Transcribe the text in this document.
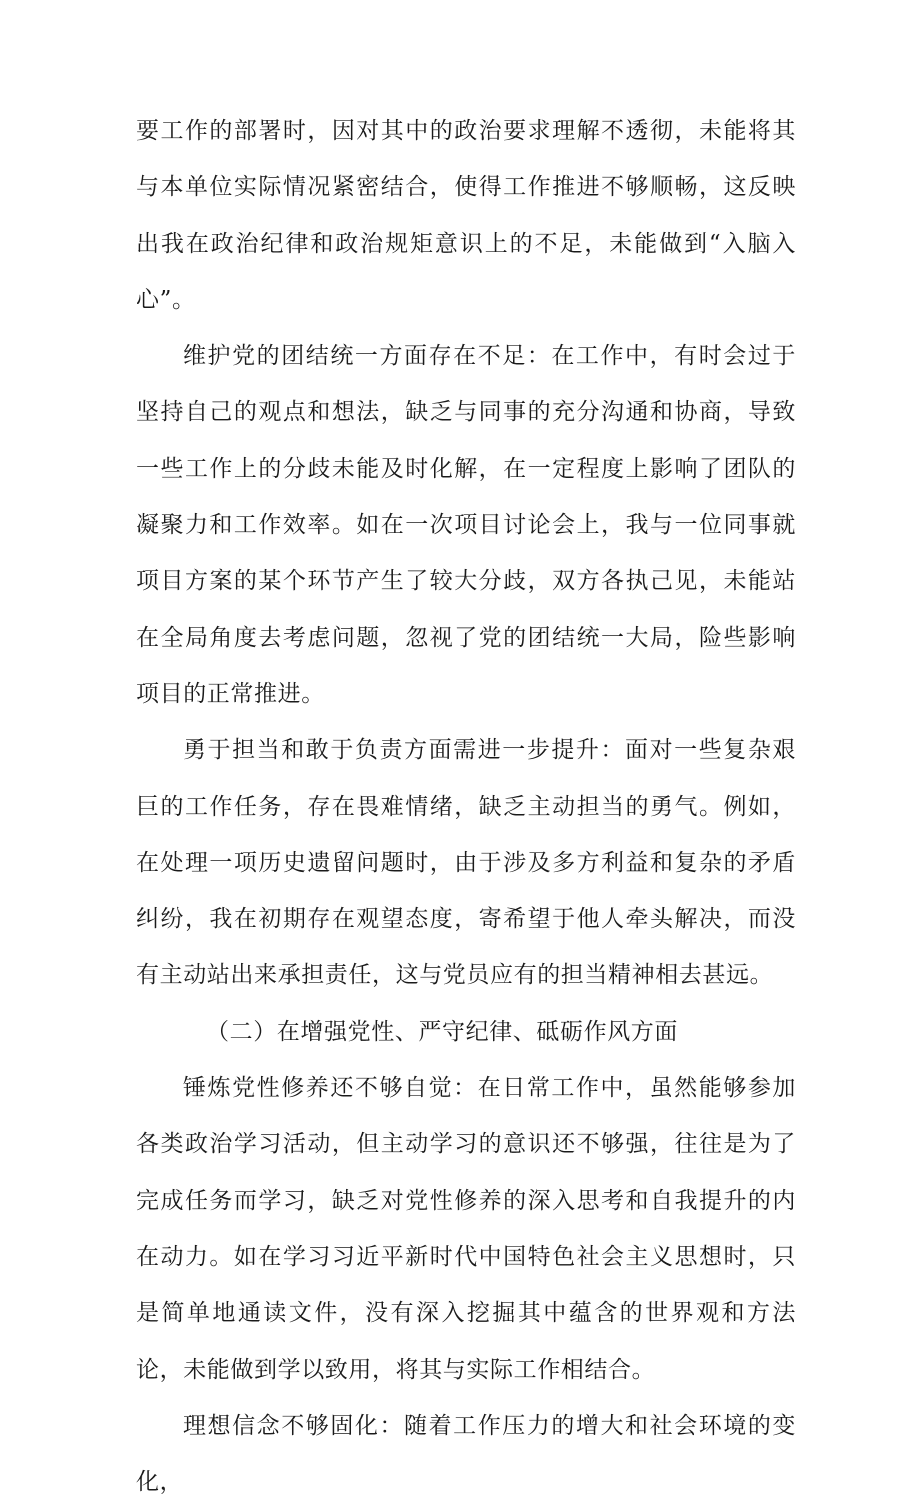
要工作的部署时，因对其中的政治要求理解不透彻，未能将其与本单位实际情况紧密结合，使得工作推进不够顺畅，这反映出我在政治纪律和政治规矩意识上的不足，未能做到“入脑入心”。

维护党的团结统一方面存在不足：在工作中，有时会过于坚持自己的观点和想法，缺乏与同事的充分沟通和协商，导致一些工作上的分歧未能及时化解，在一定程度上影响了团队的凝聚力和工作效率。如在一次项目讨论会上，我与一位同事就项目方案的某个环节产生了较大分歧，双方各执己见，未能站在全局角度去考虑问题，忽视了党的团结统一大局，险些影响项目的正常推进。

勇于担当和敢于负责方面需进一步提升：面对一些复杂艰巨的工作任务，存在畏难情绪，缺乏主动担当的勇气。例如，在处理一项历史遗留问题时，由于涉及多方利益和复杂的矛盾纠纷，我在初期存在观望态度，寄希望于他人牵头解决，而没有主动站出来承担责任，这与党员应有的担当精神相去甚远。

（二）在增强党性、严守纪律、砥砺作风方面

锤炼党性修养还不够自觉：在日常工作中，虽然能够参加各类政治学习活动，但主动学习的意识还不够强，往往是为了完成任务而学习，缺乏对党性修养的深入思考和自我提升的内在动力。如在学习习近平新时代中国特色社会主义思想时，只是简单地通读文件，没有深入挖掘其中蕴含的世界观和方法论，未能做到学以致用，将其与实际工作相结合。

理想信念不够固化：随着工作压力的增大和社会环境的变化，
